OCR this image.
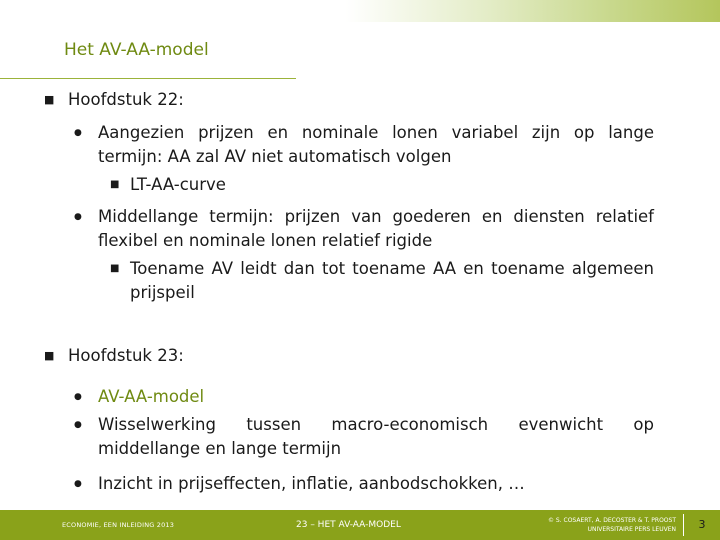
Het AV-AA-model
■ Hoofdstuk 22:
● Aangezien prijzen en nominale lonen variabel zijn op lange termijn: AA zal AV niet automatisch volgen
■ LT-AA-curve
● Middellange termijn: prijzen van goederen en diensten relatief flexibel en nominale lonen relatief rigide
■ Toename AV leidt dan tot toename AA en toename algemeen prijspeil
■ Hoofdstuk 23:
● AV-AA-model
● Wisselwerking tussen macro-economisch evenwicht op middellange en lange termijn
● Inzicht in prijseffecten, inflatie, aanbodschokken, …
ECONOMIE, EEN INLEIDING 2013	23 – HET AV-AA-MODEL	© S. COSAERT, A. DECOSTER & T. PROOST
UNIVERSITAIRE PERS LEUVEN	3
